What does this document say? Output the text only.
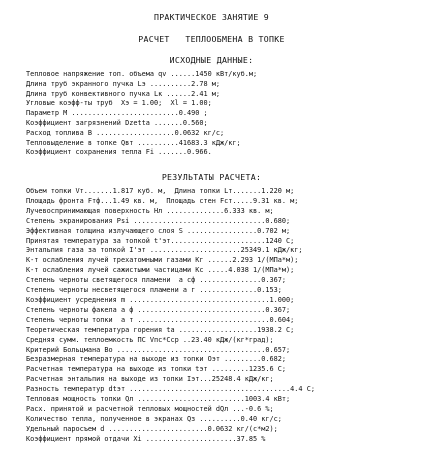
ПРАКТИЧЕСКОЕ ЗАНЯТИЕ 9
РАСЧЕТ   ТЕПЛООБМЕНА В ТОПКЕ
ИСХОДНЫЕ ДАННЫЕ:
Тепловое напряжение топ. объема qv ......1450 кВт/куб.м;
Длина труб экранного пучка Lэ ..........2.78 м;
Длина труб конвективного пучка Lк ......2.41 м;
Угловые коэфф-ты труб  Хэ = 1.00;  Xl = 1.00;
Параметр М ..........................0.490 ;
Коэффициент загрязнений Dzetta .......0.560;
Расход топлива В ...................0.0632 кг/с;
Тепловыделение в топке Qвт ..........41683.3 кДж/кг;
Коэффициент сохранения тепла Fi .......0.966.
РЕЗУЛЬТАТЫ РАСЧЕТА:
Объем топки Vт.......1.817 куб. м,  Длина топки Lт.......1.220 м;
Площадь фронта Fтф...1.49 кв. м,  Площадь стен Fст.....9.31 кв. м;
Лучевоспринимающая поверхность Нл ..............6.333 кв. м;
Степень экранирования Psi ................................0.680;
Эффективная толщина излучающего слоя S .................0.702 м;
Принятая температура за топкой t'эт.......................1240 С;
Энтальпия газа за топкой I'эт ......................25349.1 кДж/кг;
К-т ослабления лучей трехатомными газами Кг ......2.293 1/(МПа*м);
К-т ослабления лучей сажистыми частицами Кс .....4.038 1/(МПа*м);
Степень черноты светящегося пламени  а сф ...............0.367;
Степень черноты несветящегося пламени а г ..............0.153;
Коэффициент усреднения m ..................................1.000;
Степень черноты факела а ф ...............................0.367;
Степень черноты топки  а т ................................0.604;
Теоретическая температура горения ta ...................1938.2 С;
Средняя сумм. теплоемкость ПС Vпс*Сср ..23.40 кДж/(кг*град);
Критерий Больцмана Во ....................................0.657;
Безразмерная температура на выходе из топки Оэт .........0.682;
Расчетная температура на выходе из топки tэт .........1235.6 С;
Расчетная энтальпия на выходе из топки Iэт...25248.4 кДж/кг;
Разность температур dtэт .......................................4.4 С;
Тепловая мощность топки Qл ..........................1003.4 кВт;
Расх. принятой и расчетной тепловых мощностей dQл ...-0.6 %;
Количество тепла, полученное в экранах Qз ..........0.40 кг/с;
Удельный паросъем d ........................0.0632 кг/(с*м2);
Коэффициент прямой отдачи Xi ......................37.85 %
